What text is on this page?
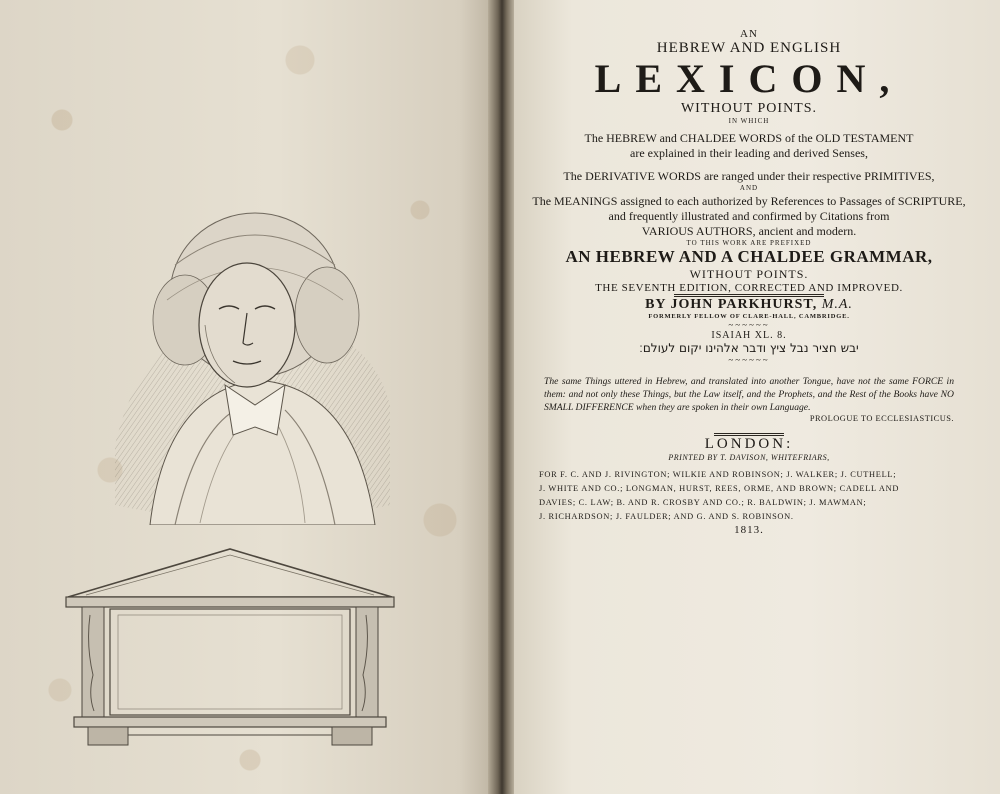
AN
HEBREW AND ENGLISH
LEXICON,
WITHOUT POINTS.
IN WHICH
The HEBREW and CHALDEE WORDS of the OLD TESTAMENT
are explained in their leading and derived Senses,
The DERIVATIVE WORDS are ranged under their respective PRIMITIVES,
AND
The MEANINGS assigned to each authorized by References to Passages of SCRIPTURE,
and frequently illustrated and confirmed by Citations from
VARIOUS AUTHORS, ancient and modern.
TO THIS WORK ARE PREFIXED
AN HEBREW AND A CHALDEE GRAMMAR,
WITHOUT POINTS.
THE SEVENTH EDITION, CORRECTED AND IMPROVED.
BY JOHN PARKHURST, M.A.
FORMERLY FELLOW OF CLARE-HALL, CAMBRIDGE.
~~~~~~
ISAIAH XL. 8.
יבש חציר נבל ציץ ודבר אלהינו יקום לעולם׃
~~~~~~
The same Things uttered in Hebrew, and translated into another Tongue, have not the same FORCE in them: and not only these Things, but the Law itself, and the Prophets, and the Rest of the Books have NO SMALL DIFFERENCE when they are spoken in their own Language.
PROLOGUE TO ECCLESIASTICUS.
LONDON:
PRINTED BY T. DAVISON, WHITEFRIARS,
FOR F. C. AND J. RIVINGTON; WILKIE AND ROBINSON; J. WALKER; J. CUTHELL;
J. WHITE AND CO.; LONGMAN, HURST, REES, ORME, AND BROWN; CADELL AND
DAVIES; C. LAW; B. AND R. CROSBY AND CO.; R. BALDWIN; J. MAWMAN;
J. RICHARDSON; J. FAULDER; AND G. AND S. ROBINSON.
1813.
